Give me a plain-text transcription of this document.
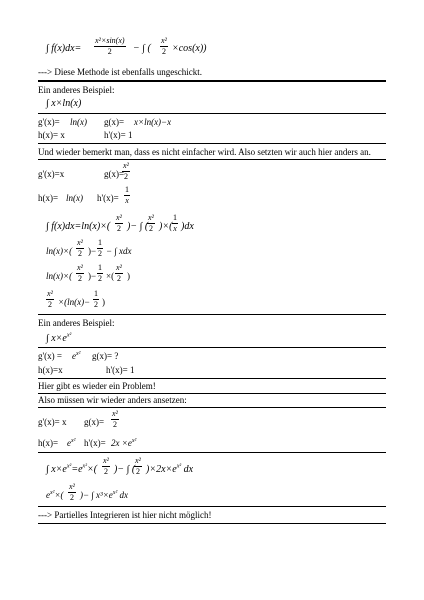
∫ f(x)dx=
x²×sin(x)
2	− ∫ (
x²
2 ×cos(x))
---> Diese Methode ist ebenfalls ungeschickt.
Ein anderes Beispiel:
∫ x×ln(x)
g'(x)= ln(x) g(x)= x×ln(x)−x
h(x)= x	h'(x)= 1
Und wieder bemerkt man, dass es nicht einfacher wird. Also setzten wir auch hier anders an.
g'(x)=x	g(x)=
x²
2
h(x)= ln(x) h'(x)=
1
x
∫ f(x)dx=ln(x)×(
x²
2 )− ∫ (
x²
2 )×(
1
x )dx
ln(x)×(
x²
2 )−
1
2 − ∫ xdx
ln(x)×(
x²
2 )−
1
2 ×(
x²
2 )
x²
2 ×(ln(x)−
1
2 )
Ein anderes Beispiel:
∫ $x\times e^{x^2}$
$g'(x) = e^{x^2}$ g(x)= ?
h(x)=x	h'(x)= 1
Hier gibt es wieder ein Problem!
Also müssen wir wieder anders ansetzen:
g'(x)= x g(x)=
x²
2
$h(x)= e^{x^2}$ $h'(x)= 2x \times e^{x^2}$
∫ $x\times e^{x^2}=e^{x^2}\times$(
x²
2 )− ∫ (
x²
2 )$\times 2x\times e^{x^2}$ dx
$e^{x^2}\times$(
x²
2 )− ∫ $x^3\times e^{x^2}$ dx
---> Partielles Integrieren ist hier nicht möglich!
